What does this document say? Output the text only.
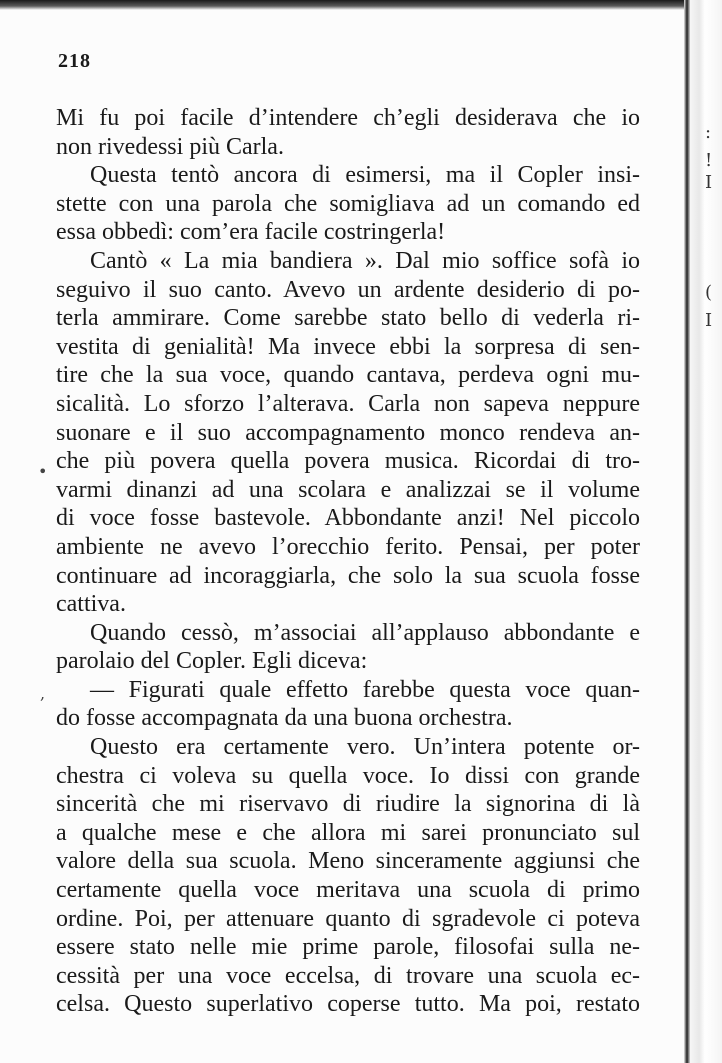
:
!
I
(
I
•
,
218
Mi fu poi facile d’intendere ch’egli desiderava che io
non rivedessi più Carla.
Questa tentò ancora di esimersi, ma il Copler insi-
stette con una parola che somigliava ad un comando ed
essa obbedì: com’era facile costringerla!
Cantò « La mia bandiera ». Dal mio soffice sofà io
seguivo il suo canto. Avevo un ardente desiderio di po-
terla ammirare. Come sarebbe stato bello di vederla ri-
vestita di genialità! Ma invece ebbi la sorpresa di sen-
tire che la sua voce, quando cantava, perdeva ogni mu-
sicalità. Lo sforzo l’alterava. Carla non sapeva neppure
suonare e il suo accompagnamento monco rendeva an-
che più povera quella povera musica. Ricordai di tro-
varmi dinanzi ad una scolara e analizzai se il volume
di voce fosse bastevole. Abbondante anzi! Nel piccolo
ambiente ne avevo l’orecchio ferito. Pensai, per poter
continuare ad incoraggiarla, che solo la sua scuola fosse
cattiva.
Quando cessò, m’associai all’applauso abbondante e
parolaio del Copler. Egli diceva:
— Figurati quale effetto farebbe questa voce quan-
do fosse accompagnata da una buona orchestra.
Questo era certamente vero. Un’intera potente or-
chestra ci voleva su quella voce. Io dissi con grande
sincerità che mi riservavo di riudire la signorina di là
a qualche mese e che allora mi sarei pronunciato sul
valore della sua scuola. Meno sinceramente aggiunsi che
certamente quella voce meritava una scuola di primo
ordine. Poi, per attenuare quanto di sgradevole ci poteva
essere stato nelle mie prime parole, filosofai sulla ne-
cessità per una voce eccelsa, di trovare una scuola ec-
celsa. Questo superlativo coperse tutto. Ma poi, restato
